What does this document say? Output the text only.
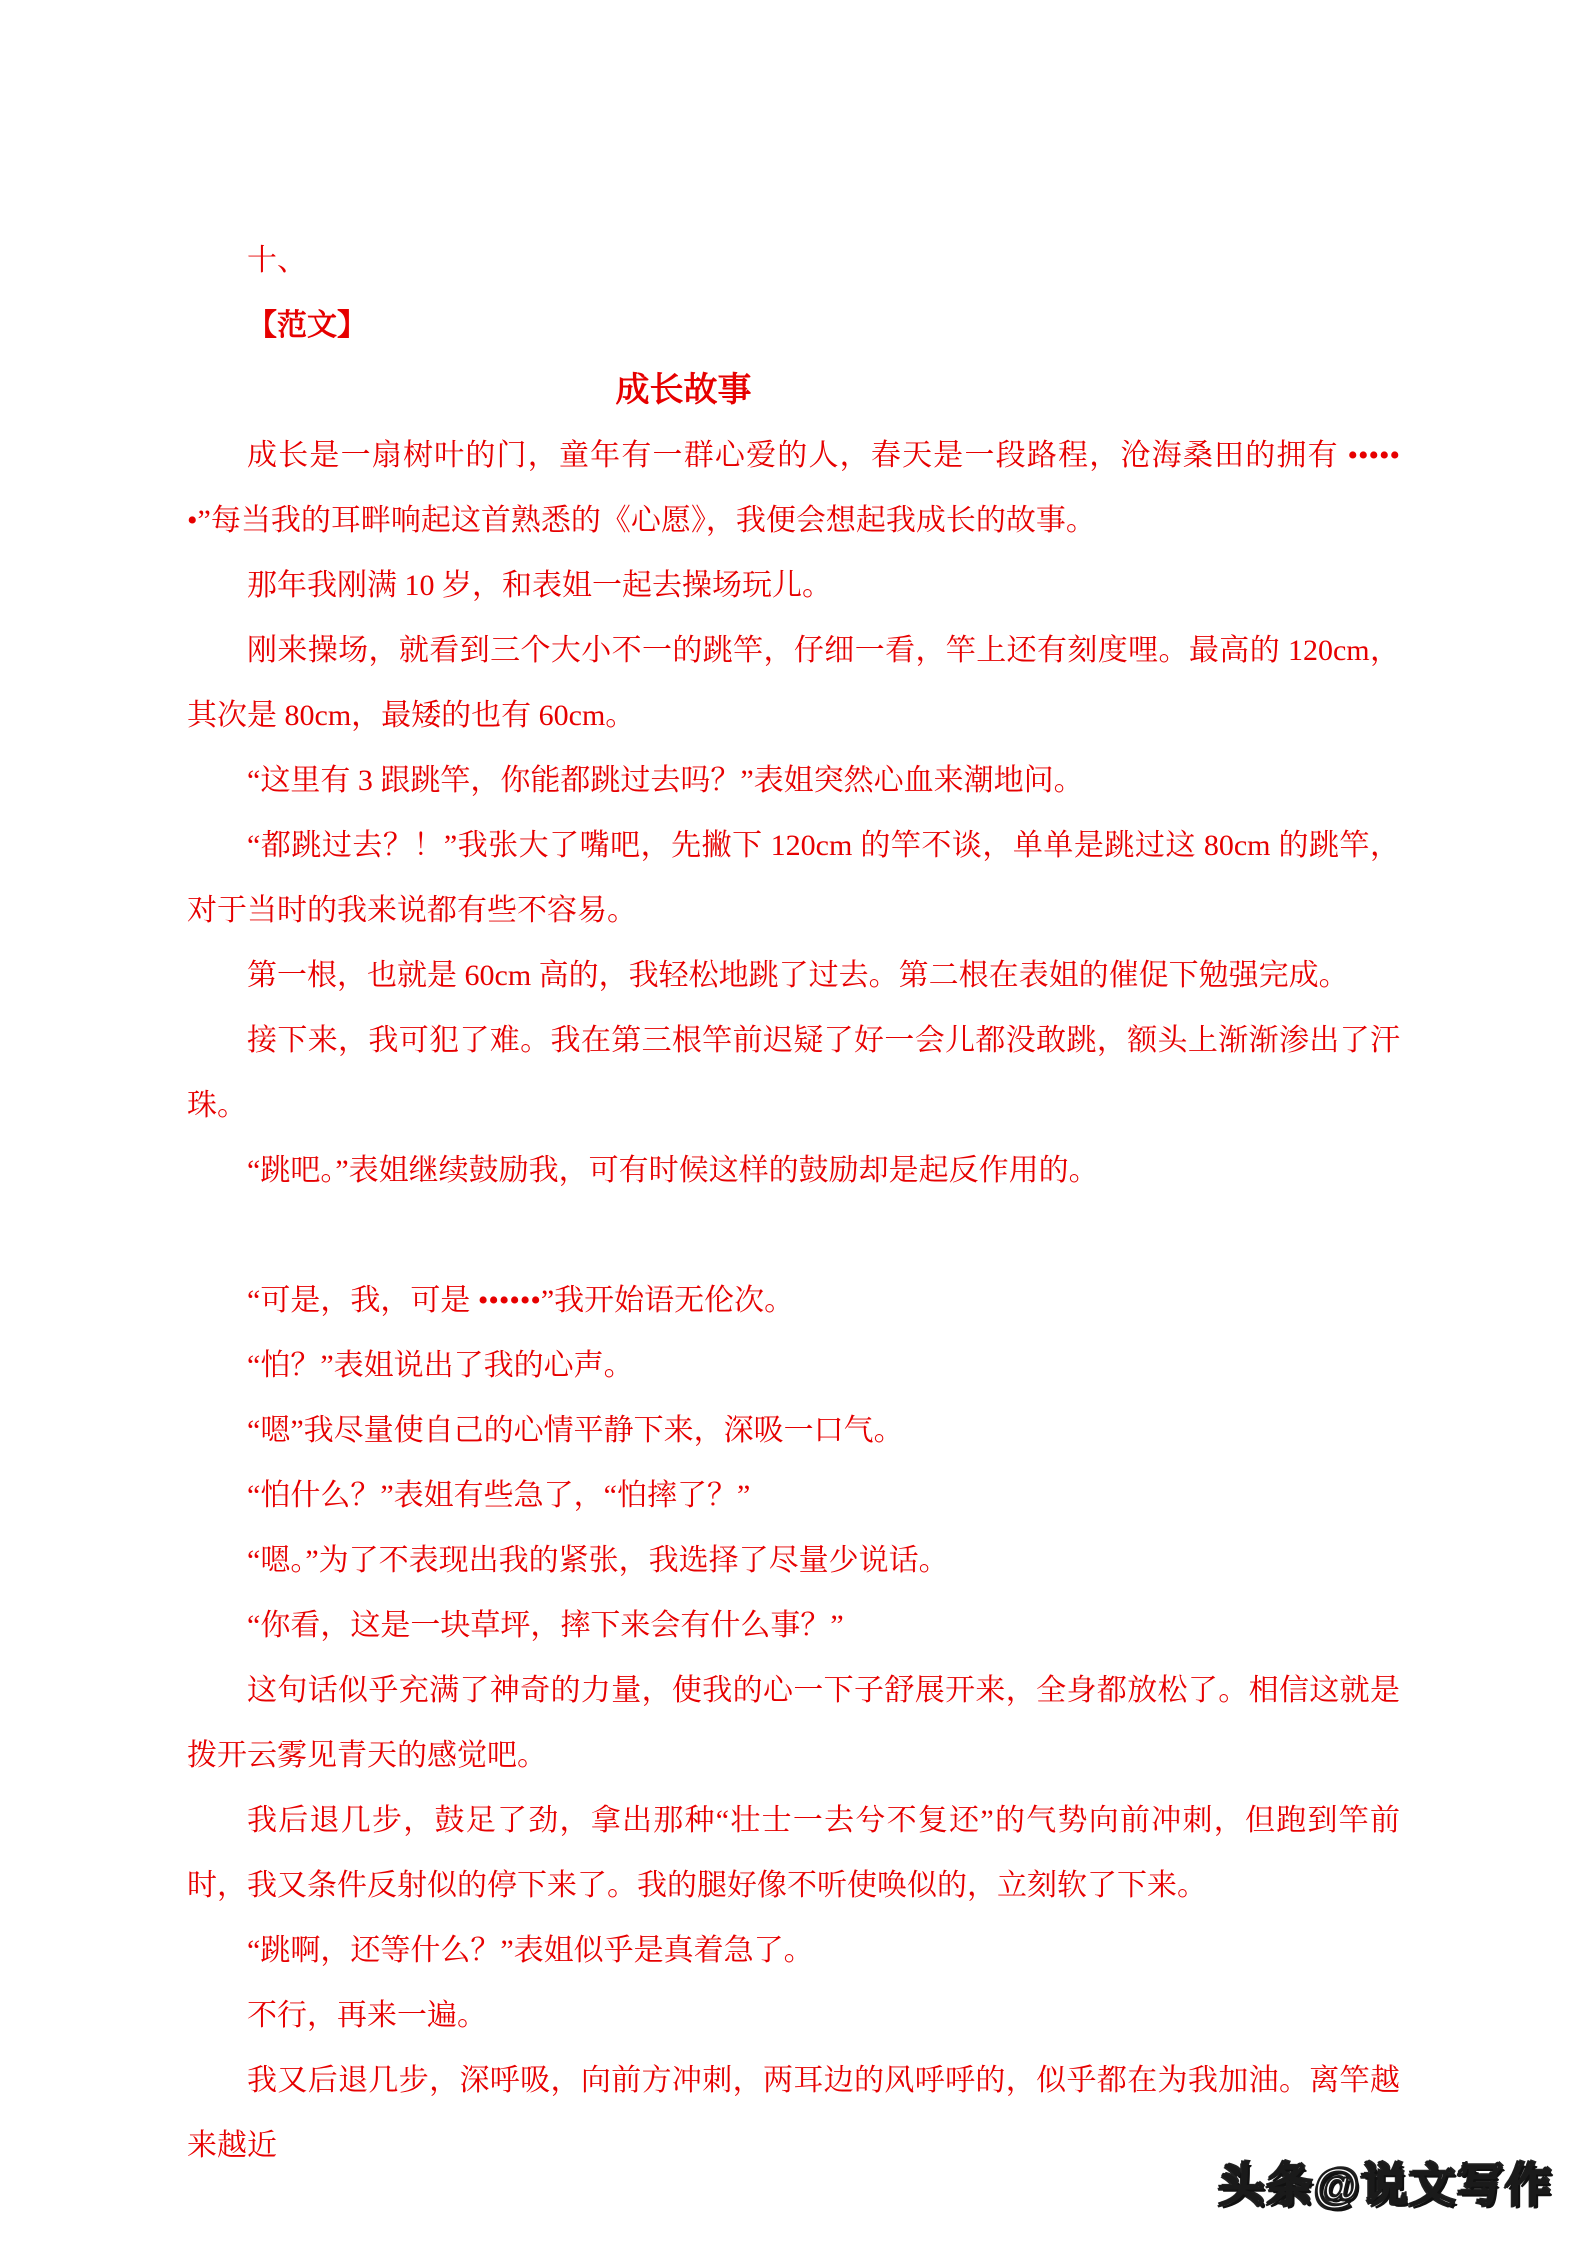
十、

【范文】

成长故事

成长是一扇树叶的门，童年有一群心爱的人，春天是一段路程，沧海桑田的拥有 ••••••”每当我的耳畔响起这首熟悉的《心愿》，我便会想起我成长的故事。

那年我刚满 10 岁，和表姐一起去操场玩儿。

刚来操场，就看到三个大小不一的跳竿，仔细一看，竿上还有刻度哩。最高的 120cm，其次是 80cm，最矮的也有 60cm。

“这里有 3 跟跳竿，你能都跳过去吗？”表姐突然心血来潮地问。

“都跳过去？！”我张大了嘴吧，先撇下 120cm 的竿不谈，单单是跳过这 80cm 的跳竿，对于当时的我来说都有些不容易。

第一根，也就是 60cm 高的，我轻松地跳了过去。第二根在表姐的催促下勉强完成。

接下来，我可犯了难。我在第三根竿前迟疑了好一会儿都没敢跳，额头上渐渐渗出了汗珠。

“跳吧。”表姐继续鼓励我，可有时候这样的鼓励却是起反作用的。

“可是，我，可是 ••••••”我开始语无伦次。

“怕？”表姐说出了我的心声。

“嗯”我尽量使自己的心情平静下来，深吸一口气。

“怕什么？”表姐有些急了，“怕摔了？”

“嗯。”为了不表现出我的紧张，我选择了尽量少说话。

“你看，这是一块草坪，摔下来会有什么事？”

这句话似乎充满了神奇的力量，使我的心一下子舒展开来，全身都放松了。相信这就是拨开云雾见青天的感觉吧。

我后退几步，鼓足了劲，拿出那种“壮士一去兮不复还”的气势向前冲刺，但跑到竿前时，我又条件反射似的停下来了。我的腿好像不听使唤似的，立刻软了下来。

“跳啊，还等什么？”表姐似乎是真着急了。

不行，再来一遍。

我又后退几步，深呼吸，向前方冲刺，两耳边的风呼呼的，似乎都在为我加油。离竿越来越近

头条@说文写作
